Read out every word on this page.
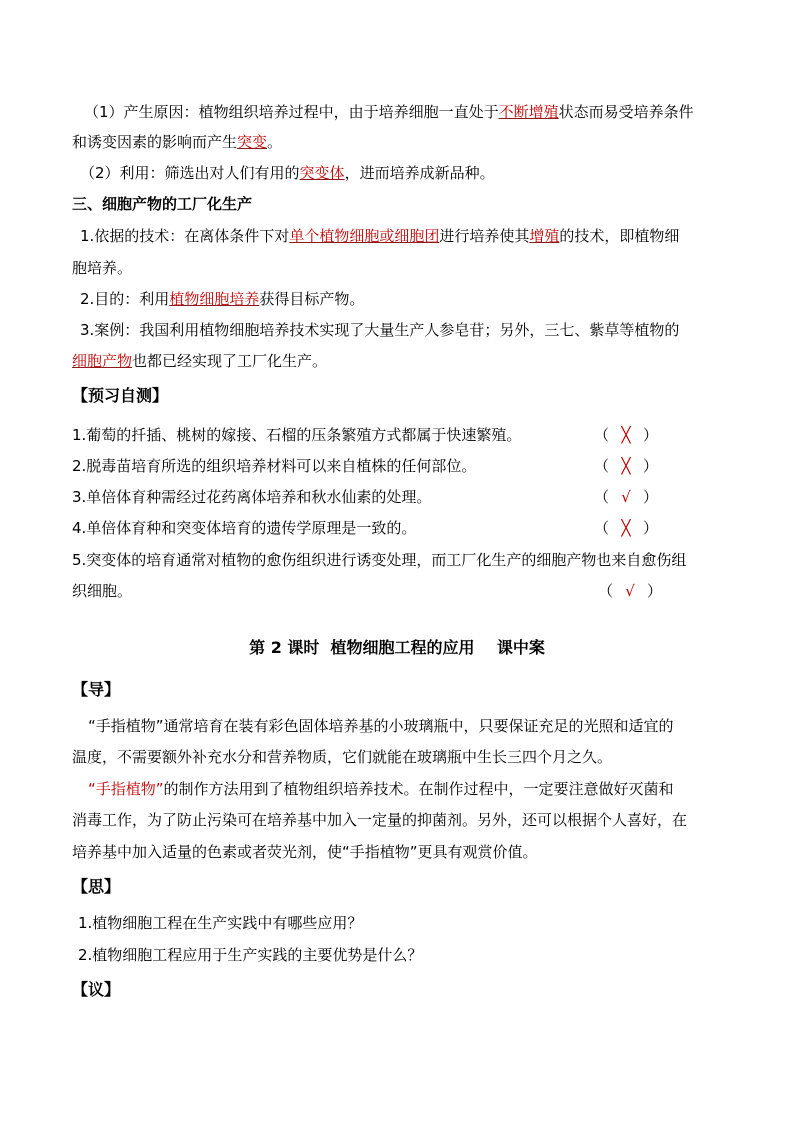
（1）产生原因：植物组织培养过程中，由于培养细胞一直处于不断增殖状态而易受培养条件
和诱变因素的影响而产生突变。
（2）利用：筛选出对人们有用的突变体，进而培养成新品种。
三、细胞产物的工厂化生产
1.依据的技术：在离体条件下对单个植物细胞或细胞团进行培养使其增殖的技术，即植物细
胞培养。
2.目的：利用植物细胞培养获得目标产物。
3.案例：我国利用植物细胞培养技术实现了大量生产人参皂苷；另外，三七、紫草等植物的
细胞产物也都已经实现了工厂化生产。
【预习自测】
1.葡萄的扦插、桃树的嫁接、石榴的压条繁殖方式都属于快速繁殖。	（ ╳ ）
2.脱毒苗培育所选的组织培养材料可以来自植株的任何部位。	（ ╳ ）
3.单倍体育种需经过花药离体培养和秋水仙素的处理。	（ √ ）
4.单倍体育种和突变体培育的遗传学原理是一致的。	（ ╳ ）
5.突变体的培育通常对植物的愈伤组织进行诱变处理，而工厂化生产的细胞产物也来自愈伤组
织细胞。	（ √ ）
第 2 课时  植物细胞工程的应用    课中案
【导】
“手指植物”通常培育在装有彩色固体培养基的小玻璃瓶中，只要保证充足的光照和适宜的
温度，不需要额外补充水分和营养物质，它们就能在玻璃瓶中生长三四个月之久。
“手指植物”的制作方法用到了植物组织培养技术。在制作过程中，一定要注意做好灭菌和
消毒工作，为了防止污染可在培养基中加入一定量的抑菌剂。另外，还可以根据个人喜好，在
培养基中加入适量的色素或者荧光剂，使“手指植物”更具有观赏价值。
【思】
1.植物细胞工程在生产实践中有哪些应用？
2.植物细胞工程应用于生产实践的主要优势是什么？
【议】
